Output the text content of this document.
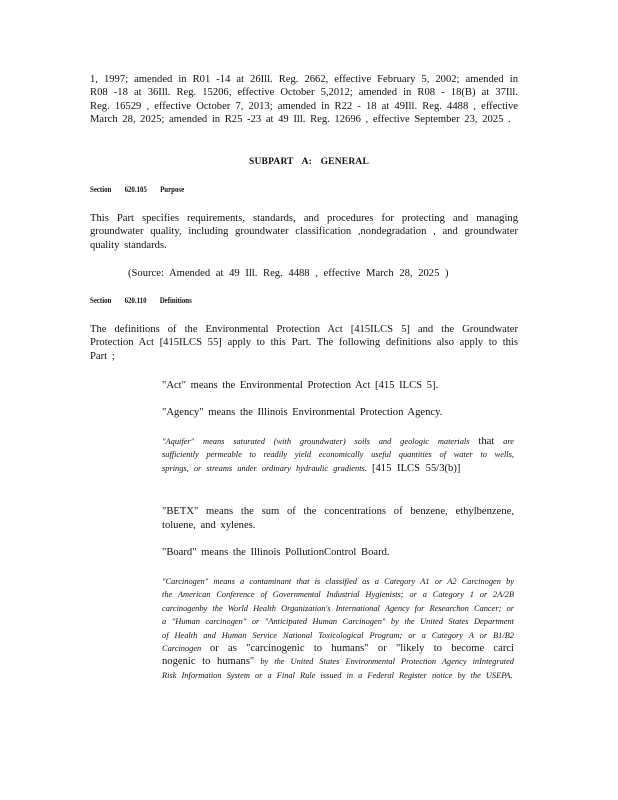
1, 1997; amended in R01 -14 at 26Ill. Reg. 2662, effective February 5, 2002; amended in R08 -18 at 36Ill. Reg. 15206, effective October 5,2012; amended in R08 - 18(B) at 37Ill. Reg. 16529 , effective October 7, 2013; amended in R22 - 18 at 49Ill. Reg. 4488 , effective March 28, 2025; amended in R25 -23 at 49 Ill. Reg. 12696 , effective September 23, 2025 .
SUBPART A: GENERAL
Section 620.105 Purpose
This Part specifies requirements, standards, and procedures for protecting and managing groundwater quality, including groundwater classification ,nondegradation , and groundwater quality standards.
(Source: Amended at 49 Ill. Reg. 4488 , effective March 28, 2025 )
Section 620.110 Definitions
The definitions of the Environmental Protection Act [415ILCS 5] and the Groundwater Protection Act [415ILCS 55] apply to this Part. The following definitions also apply to this Part ;
"Act" means the Environmental Protection Act [415 ILCS 5].
"Agency" means the Illinois Environmental Protection Agency.
"Aquifer" means saturated (with groundwater) soils and geologic materials that are sufficiently permeable to readily yield economically useful quantities of water to wells, springs, or streams under ordinary hydraulic gradients. [415 ILCS 55/3(b)]
"BETX" means the sum of the concentrations of benzene, ethylbenzene, toluene, and xylenes.
"Board" means the Illinois PollutionControl Board.
"Carcinogen" means a contaminant that is classified as a Category A1 or A2 Carcinogen by the American Conference of Governmental Industrial Hygienists; or a Category 1 or 2A/2B carcinogenby the World Health Organization's International Agency for Researchon Cancer; or a "Human carcinogen" or "Anticipated Human Carcinogen" by the United States Department of Health and Human Service National Toxicological Program; or a Category A or B1/B2 Carcinogen or as "carcinogenic to humans" or "likely to become carci nogenic to humans" by the United States Environmental Protection Agency inIntegrated Risk Information System or a Final Rule issued in a Federal Register notice by the USEPA.
